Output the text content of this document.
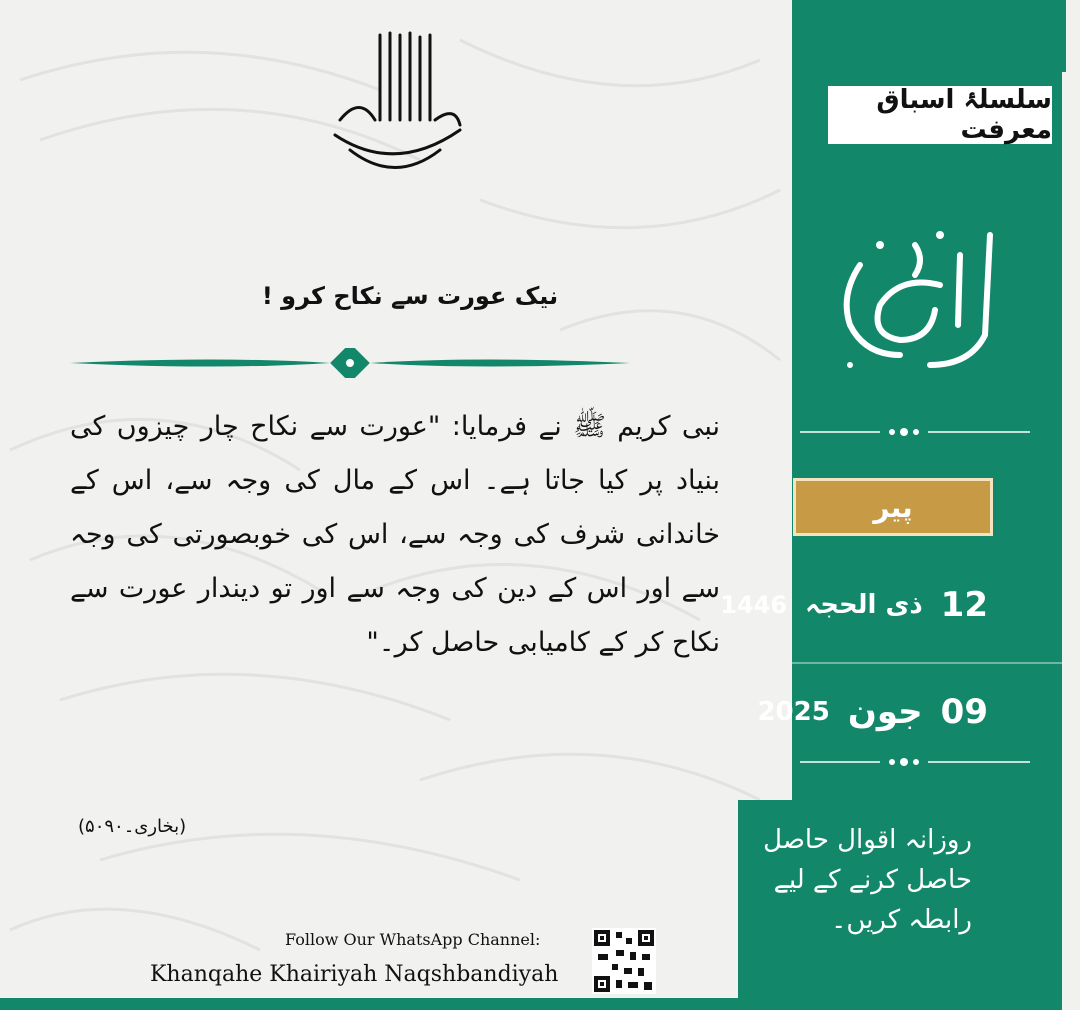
سلسلۂ اسباق معرفت
پیر
12
ذی الحجہ
1446
09
جون
2025
روزانہ اقوال حاصل
حاصل کرنے کے لیے
رابطہ کریں۔
نیک عورت سے نکاح کرو !
نبی کریم ﷺ نے فرمایا: "عورت سے نکاح چار چیزوں کی بنیاد پر کیا جاتا ہے۔ اس کے مال کی وجہ سے، اس کے خاندانی شرف کی وجہ سے، اس کی خوبصورتی کی وجہ سے اور اس کے دین کی وجہ سے اور تو دیندار عورت سے نکاح کر کے کامیابی حاصل کر۔"
(بخاری۔۵۰۹۰)
Follow Our WhatsApp Channel:
Khanqahe Khairiyah Naqshbandiyah
